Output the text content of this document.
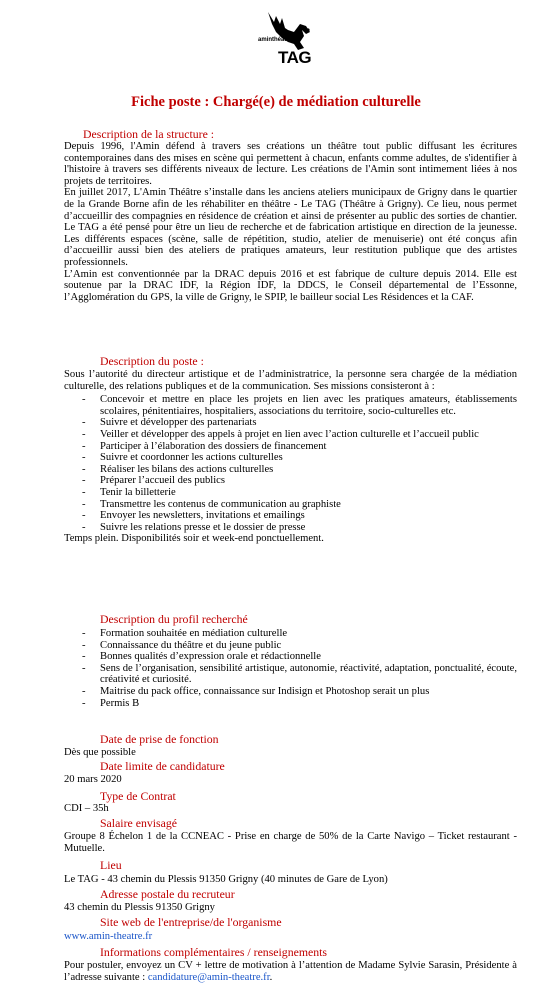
aminthéâtre
TAG
Fiche poste : Chargé(e) de médiation culturelle
Description de la structure :

Depuis 1996, l'Amin défend à travers ses créations un théâtre tout public diffusant les écritures contemporaines dans des mises en scène qui permettent à chacun, enfants comme adultes, de s'identifier à l'histoire à travers ses différents niveaux de lecture. Les créations de l'Amin sont intimement liées à nos projets de territoires.

En juillet 2017, L'Amin Théâtre s’installe dans les anciens ateliers municipaux de Grigny dans le quartier de la Grande Borne afin de les réhabiliter en théâtre - Le TAG (Théâtre à Grigny). Ce lieu, nous permet d’accueillir des compagnies en résidence de création et ainsi de présenter au public des sorties de chantier. Le TAG a été pensé pour être un lieu de recherche et de fabrication artistique en direction de la jeunesse. Les différents espaces (scène, salle de répétition, studio, atelier de menuiserie) ont été conçus afin d’accueillir aussi bien des ateliers de pratiques amateurs, leur restitution publique que des artistes professionnels.

L’Amin est conventionnée par la DRAC depuis 2016 et est fabrique de culture depuis 2014. Elle est soutenue par la DRAC IDF, la Région IDF, la DDCS, le Conseil départemental de l’Essonne, l’Agglomération du GPS, la ville de Grigny, le SPIP, le bailleur social Les Résidences et la CAF.

Description du poste :

Sous l’autorité du directeur artistique et de l’administratrice, la personne sera chargée de la médiation culturelle, des relations publiques et de la communication. Ses missions consisteront à :

- Concevoir et mettre en place les projets en lien avec les pratiques amateurs, établissements scolaires, pénitentiaires, hospitaliers, associations du territoire, socio-culturelles etc.
- Suivre et développer des partenariats
- Veiller et développer des appels à projet en lien avec l’action culturelle et l’accueil public
- Participer à l’élaboration des dossiers de financement
- Suivre et coordonner les actions culturelles
- Réaliser les bilans des actions culturelles
- Préparer l’accueil des publics
- Tenir la billetterie
- Transmettre les contenus de communication au graphiste
- Envoyer les newsletters, invitations et emailings
- Suivre les relations presse et le dossier de presse

Temps plein. Disponibilités soir et week-end ponctuellement.

Description du profil recherché
- Formation souhaitée en médiation culturelle
- Connaissance du théâtre et du jeune public
- Bonnes qualités d’expression orale et rédactionnelle
- Sens de l’organisation, sensibilité artistique, autonomie, réactivité, adaptation, ponctualité, écoute, créativité et curiosité.
- Maitrise du pack office, connaissance sur Indisign et Photoshop serait un plus
- Permis B
Date de prise de fonction
Dès que possible
Date limite de candidature
20 mars 2020
Type de Contrat
CDI – 35h
Salaire envisagé
Groupe 8 Échelon 1 de la CCNEAC - Prise en charge de 50% de la Carte Navigo – Ticket restaurant - Mutuelle.
Lieu
Le TAG - 43 chemin du Plessis 91350 Grigny (40 minutes de Gare de Lyon)
Adresse postale du recruteur
43 chemin du Plessis 91350 Grigny
Site web de l'entreprise/de l'organisme
www.amin-theatre.fr
Informations complémentaires / renseignements
Pour postuler, envoyez un CV + lettre de motivation à l’attention de Madame Sylvie Sarasin, Présidente à l’adresse suivante : candidature@amin-theatre.fr.
